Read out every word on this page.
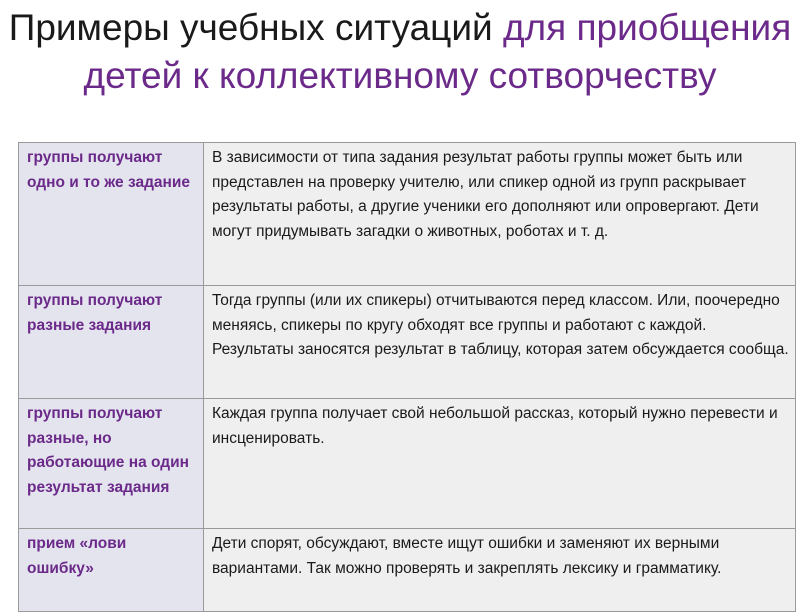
Примеры учебных ситуаций для приобщения детей к коллективному сотворчеству
группы получают одно и то же задание	В зависимости от типа задания результат работы группы может быть или представлен на проверку учителю, или спикер одной из групп раскрывает результаты работы, а другие ученики его дополняют или опровергают. Дети могут придумывать загадки о животных, роботах и т. д.
группы получают разные задания	Тогда группы (или их спикеры) отчитываются перед классом. Или, поочередно меняясь, спикеры по кругу обходят все группы и работают с каждой. Результаты заносятся результат в таблицу, которая затем обсуждается сообща.
группы получают разные, но работающие на один результат задания	Каждая группа получает свой небольшой рассказ, который нужно перевести и инсценировать.
прием «лови ошибку»	Дети спорят, обсуждают, вместе ищут ошибки и заменяют их верными вариантами. Так можно проверять и закреплять лексику и грамматику.
